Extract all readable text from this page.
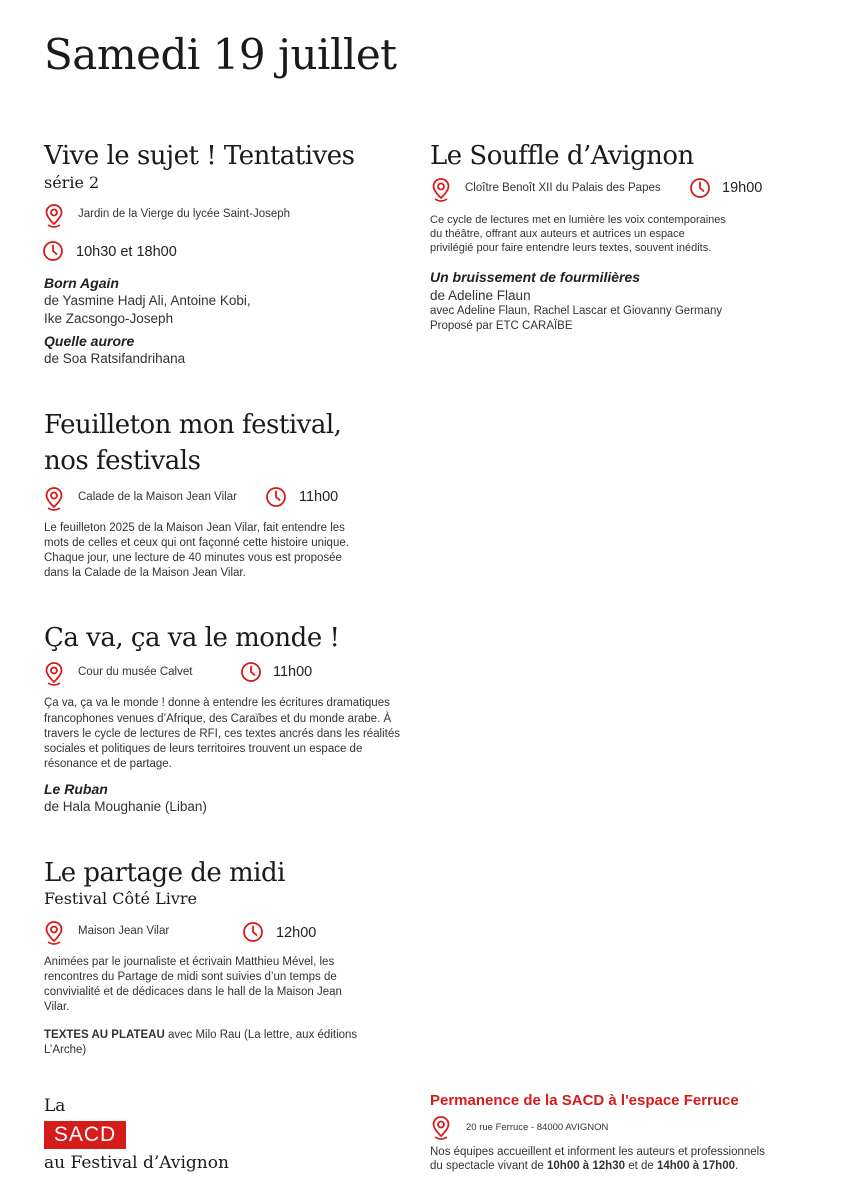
Samedi 19 juillet
Vive le sujet ! Tentatives
série 2
Jardin de la Vierge du lycée Saint-Joseph
10h30 et 18h00
Born Again
de Yasmine Hadj Ali, Antoine Kobi,
Ike Zacsongo-Joseph
Quelle aurore
de Soa Ratsifandrihana
Feuilleton mon festival,
nos festivals
Calade de la Maison Jean Vilar	11h00
Le feuilleton 2025 de la Maison Jean Vilar, fait entendre les
mots de celles et ceux qui ont façonné cette histoire unique.
Chaque jour, une lecture de 40 minutes vous est proposée
dans la Calade de la Maison Jean Vilar.
Ça va, ça va le monde !
Cour du musée Calvet	11h00
Ça va, ça va le monde ! donne à entendre les écritures dramatiques
francophones venues d’Afrique, des Caraïbes et du monde arabe. À
travers le cycle de lectures de RFI, ces textes ancrés dans les réalités
sociales et politiques de leurs territoires trouvent un espace de
résonance et de partage.
Le Ruban
de Hala Moughanie (Liban)
Le partage de midi
Festival Côté Livre
Maison Jean Vilar	12h00
Animées par le journaliste et écrivain Matthieu Mével, les
rencontres du Partage de midi sont suivies d’un temps de
convivialité et de dédicaces dans le hall de la Maison Jean
Vilar.
TEXTES AU PLATEAU avec Milo Rau (La lettre, aux éditions
L’Arche)
Le Souffle d’Avignon
Cloître Benoît XII du Palais des Papes	19h00
Ce cycle de lectures met en lumière les voix contemporaines
du théâtre, offrant aux auteurs et autrices un espace
privilégié pour faire entendre leurs textes, souvent inédits.
Un bruissement de fourmilières
de Adeline Flaun
avec Adeline Flaun, Rachel Lascar et Giovanny Germany
Proposé par ETC CARAÏBE
La
SACD
au Festival d’Avignon
Permanence de la SACD à l'espace Ferruce
20 rue Ferruce - 84000 AVIGNON
Nos équipes accueillent et informent les auteurs et professionnels
du spectacle vivant de 10h00 à 12h30 et de 14h00 à 17h00.
